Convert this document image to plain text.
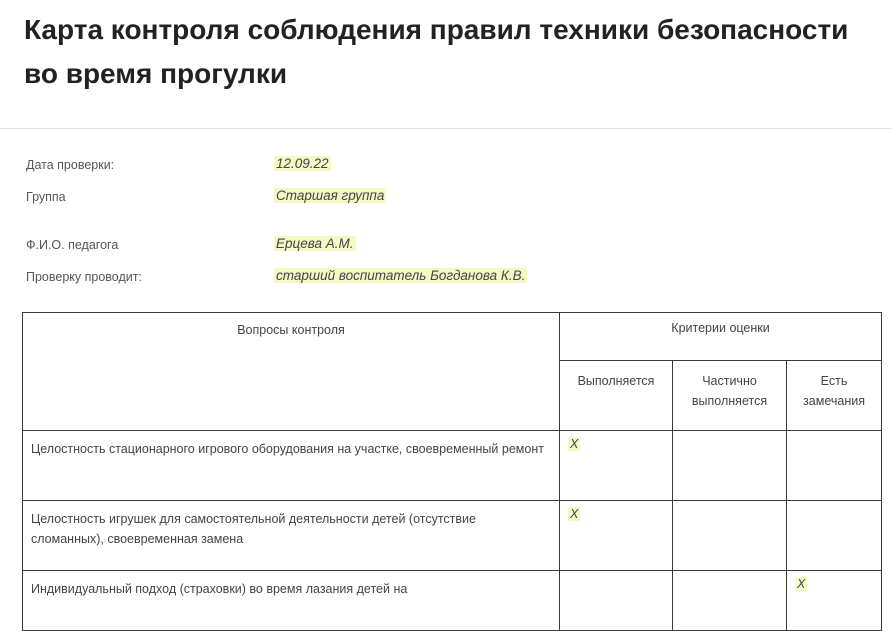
Карта контроля соблюдения правил техники безопасности во время прогулки
Дата проверки:	12.09.22
Группа	Старшая группа
Ф.И.О. педагога	Ерцева А.М.
Проверку проводит:	старший воспитатель Богданова К.В.
Вопросы контроля	Критерии оценки		
	Выполняется	Частично выполняется	Есть замечания
Целостность стационарного игрового оборудования на участке, своевременный ремонт	X		
Целостность игрушек для самостоятельной деятельности детей (отсутствие сломанных), своевременная замена	X		
Индивидуальный подход (страховки) во время лазания детей на			X
